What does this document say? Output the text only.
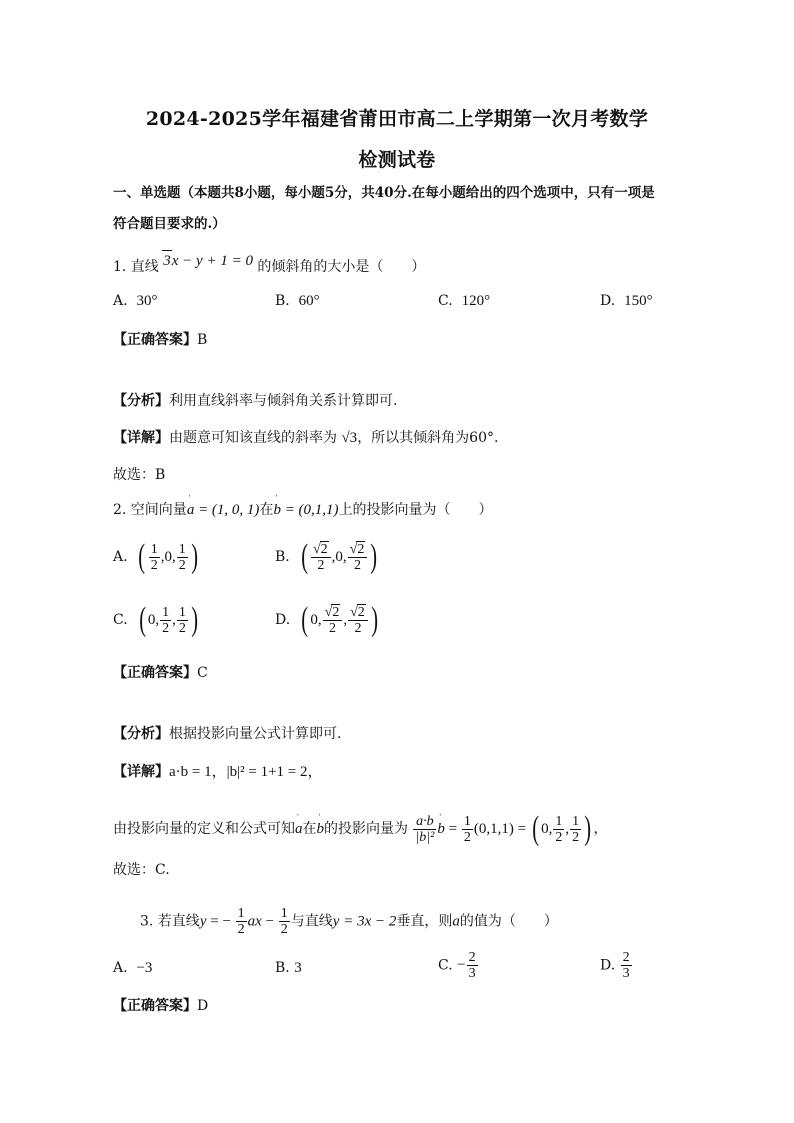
2024-2025学年福建省莆田市高二上学期第一次月考数学
检测试卷
一、单选题（本题共8小题，每小题5分，共40分.在每小题给出的四个选项中，只有一项是
符合题目要求的.）
1. 直线 3x − y + 1 = 0 的倾斜角的大小是（　　）
A. 30°	B. 60°	C. 120°	D. 150°
【正确答案】B
【分析】利用直线斜率与倾斜角关系计算即可.
【详解】由题意可知该直线的斜率为 √3，所以其倾斜角为60°.
故选：B
2. 空间向量ˈ a = (1, 0, 1)在ˈ b = (0,1,1)上的投影向量为（　　）
A. ( $\frac{1}{2} ,0$, $\frac{1}{2}$ )	B. ( $\frac{√2}{2} ,0$, $\frac{√2}{2}$ )
C. ( 0, $\frac{1}{2}$ , $\frac{1}{2}$ )	D. ( 0, $\frac{√2}{2}$ , $\frac{√2}{2}$ )
【正确答案】C
【分析】根据投影向量公式计算即可.
【详解】a·b = 1，|b|² = 1+1 = 2，
由投影向量的定义和公式可知ˈ a在ˈ b的投影向量为 $\frac{a\cdot b}{\text{|b|²}}$
ˈ $b = \frac{1}{2} (0,1,1)$ = ( 0, $\frac{1}{2}$ , $\frac{1}{2}$ ) ，
故选：C.
3. 若直线y = − $\frac{1}{2}$ ax − $\frac{1}{2}$ 与直线y = 3x − 2垂直，则a的值为（　　）
A. −3	B. 3	C. − $\frac{2}{3}$	D. $\frac{2}{3}$
【正确答案】D
